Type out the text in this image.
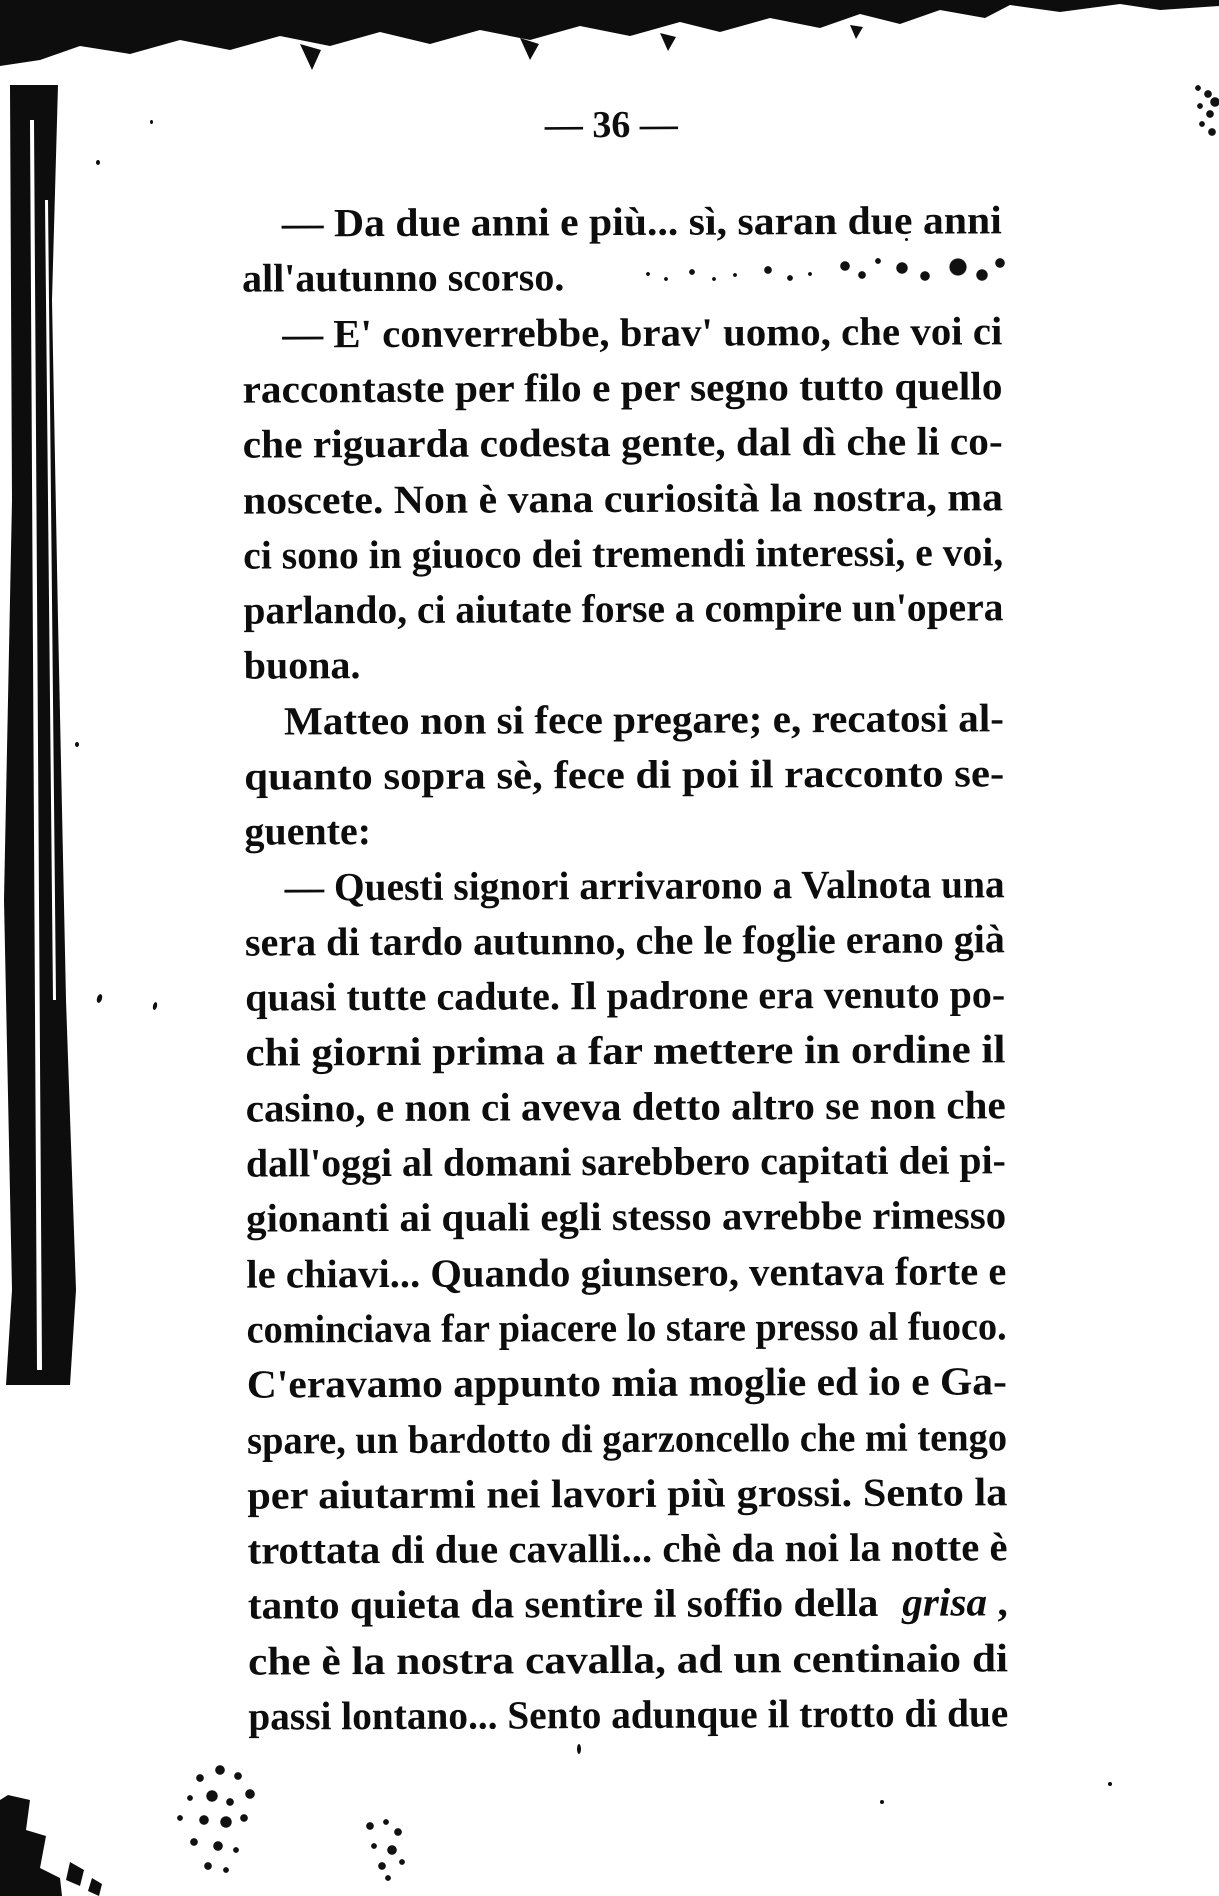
— 36 —
— Da due anni e più... sì, saran due anni
all'autunno scorso.
— E' converrebbe, brav' uomo, che voi ci
raccontaste per filo e per segno tutto quello
che riguarda codesta gente, dal dì che li co-
noscete. Non è vana curiosità la nostra, ma
ci sono in giuoco dei tremendi interessi, e voi,
parlando, ci aiutate forse a compire un'opera
buona.
Matteo non si fece pregare; e, recatosi al-
quanto sopra sè, fece di poi il racconto se-
guente:
— Questi signori arrivarono a Valnota una
sera di tardo autunno, che le foglie erano già
quasi tutte cadute. Il padrone era venuto po-
chi giorni prima a far mettere in ordine il
casino, e non ci aveva detto altro se non che
dall'oggi al domani sarebbero capitati dei pi-
gionanti ai quali egli stesso avrebbe rimesso
le chiavi... Quando giunsero, ventava forte e
cominciava far piacere lo stare presso al fuoco.
C'eravamo appunto mia moglie ed io e Ga-
spare, un bardotto di garzoncello che mi tengo
per aiutarmi nei lavori più grossi. Sento la
trottata di due cavalli... chè da noi la notte è
tanto quieta da sentire il soffio della grisa ,
che è la nostra cavalla, ad un centinaio di
passi lontano... Sento adunque il trotto di due
